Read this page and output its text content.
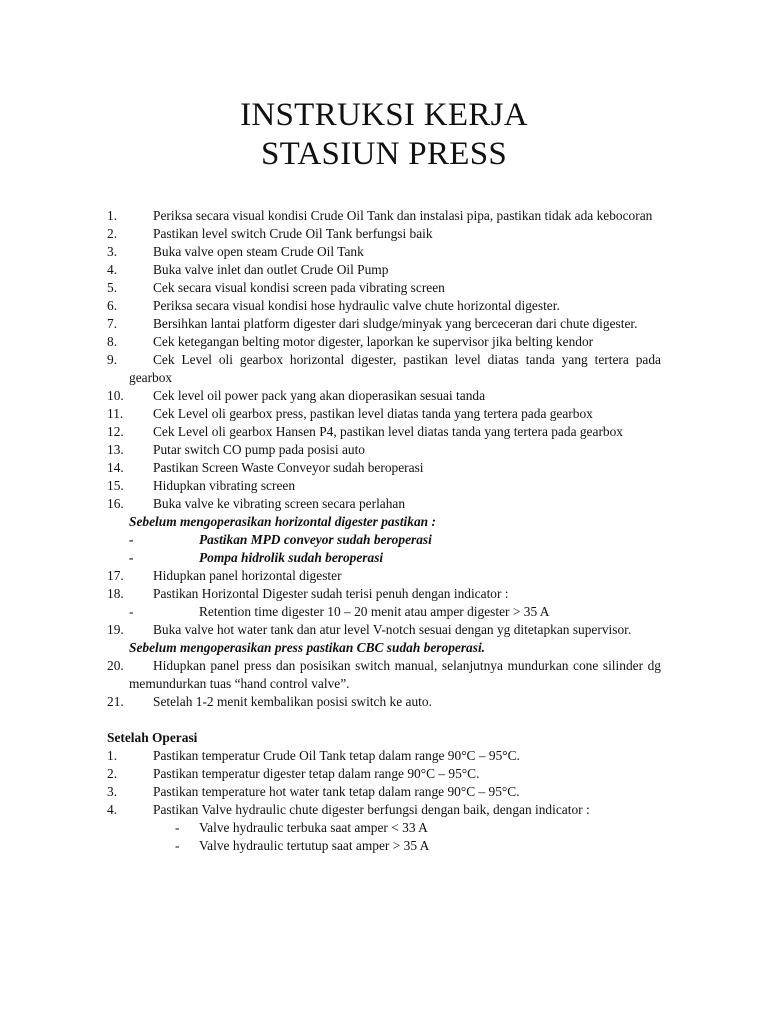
INSTRUKSI KERJA
STASIUN PRESS
1.	Periksa secara visual kondisi Crude Oil Tank dan instalasi pipa, pastikan tidak ada kebocoran
2.	Pastikan level switch Crude Oil Tank berfungsi baik
3.	Buka valve open steam Crude Oil Tank
4.	Buka valve inlet dan outlet Crude Oil Pump
5.	Cek secara visual kondisi screen pada vibrating screen
6.	Periksa secara visual kondisi hose hydraulic valve chute horizontal digester.
7.	Bersihkan lantai platform digester dari sludge/minyak yang berceceran dari chute digester.
8.	Cek ketegangan belting motor digester, laporkan ke supervisor jika belting kendor
9.	Cek Level oli gearbox horizontal digester, pastikan level diatas tanda yang tertera pada gearbox
10.	Cek level oil power pack yang akan dioperasikan sesuai tanda
11.	Cek Level oli gearbox press, pastikan level diatas tanda yang tertera pada gearbox
12.	Cek Level oli gearbox Hansen P4, pastikan level diatas tanda yang tertera pada gearbox
13.	Putar switch CO pump pada posisi auto
14.	Pastikan Screen Waste Conveyor sudah beroperasi
15.	Hidupkan vibrating screen
16.	Buka valve ke vibrating screen secara perlahan
Sebelum mengoperasikan horizontal digester pastikan :
-	Pastikan MPD conveyor sudah beroperasi
-	Pompa hidrolik sudah beroperasi
17.	Hidupkan panel horizontal digester
18.	Pastikan Horizontal Digester sudah terisi penuh dengan indicator :
-	Retention time digester 10 – 20 menit atau amper digester > 35 A
19.	Buka valve hot water tank dan atur level V-notch sesuai dengan yg ditetapkan supervisor.
Sebelum mengoperasikan press pastikan CBC sudah beroperasi.
20.	Hidupkan panel press dan posisikan switch manual, selanjutnya mundurkan cone silinder dg memundurkan tuas “hand control valve”.
21.	Setelah 1-2 menit kembalikan posisi switch ke auto.
Setelah Operasi
1.	Pastikan temperatur Crude Oil Tank tetap dalam range 90°C – 95°C.
2.	Pastikan temperatur digester tetap dalam range 90°C – 95°C.
3.	Pastikan temperature hot water tank tetap dalam range 90°C – 95°C.
4.	Pastikan Valve hydraulic chute digester berfungsi dengan baik, dengan indicator :
- Valve hydraulic terbuka saat amper < 33 A
- Valve hydraulic tertutup saat amper > 35 A
